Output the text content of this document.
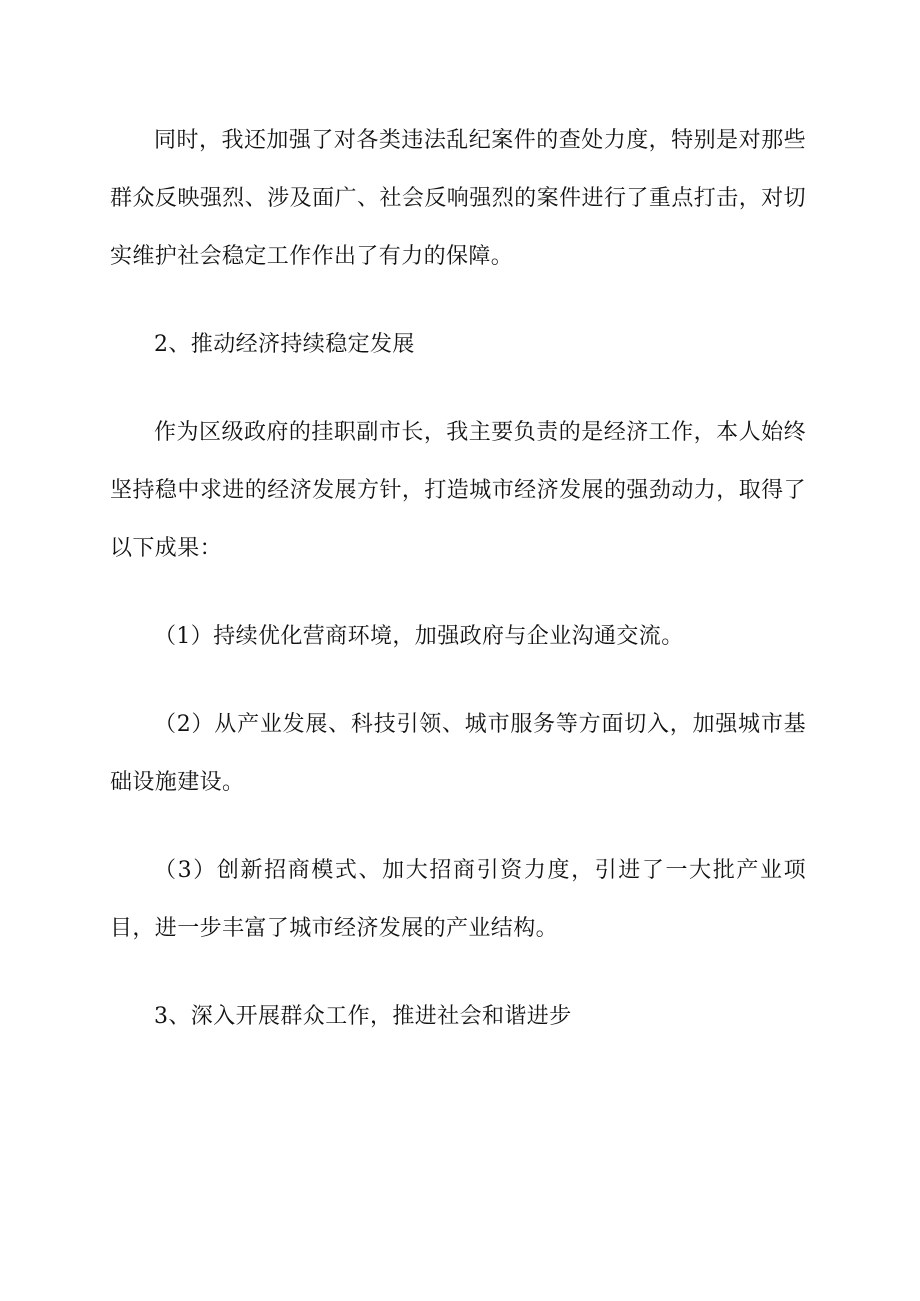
同时，我还加强了对各类违法乱纪案件的查处力度，特别是对那些群众反映强烈、涉及面广、社会反响强烈的案件进行了重点打击，对切实维护社会稳定工作作出了有力的保障。

2、推动经济持续稳定发展

作为区级政府的挂职副市长，我主要负责的是经济工作，本人始终坚持稳中求进的经济发展方针，打造城市经济发展的强劲动力，取得了以下成果：

（1）持续优化营商环境，加强政府与企业沟通交流。

（2）从产业发展、科技引领、城市服务等方面切入，加强城市基础设施建设。

（3）创新招商模式、加大招商引资力度，引进了一大批产业项目，进一步丰富了城市经济发展的产业结构。

3、深入开展群众工作，推进社会和谐进步
